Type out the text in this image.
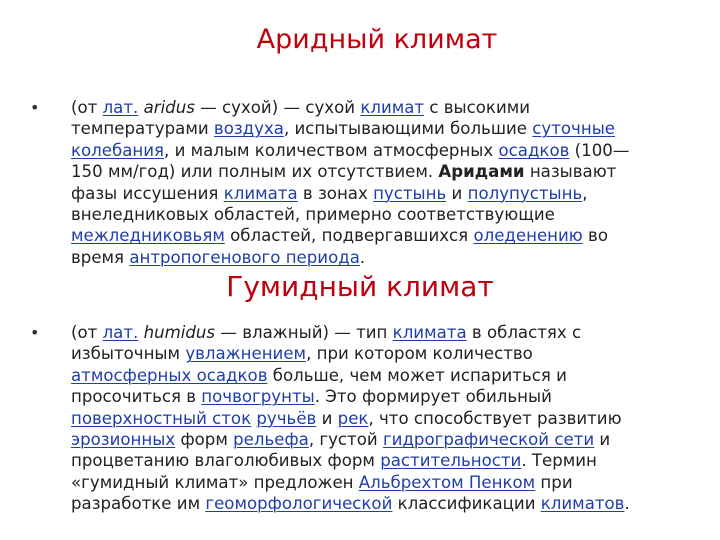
Аридный климат
• (от лат. aridus — сухой) — сухой климат с высокими
температурами воздуха, испытывающими большие суточные
колебания, и малым количеством атмосферных осадков (100—
150 мм/год) или полным их отсутствием. Аридами называют
фазы иссушения климата в зонах пустынь и полупустынь,
внеледниковых областей, примерно соответствующие
межледниковьям областей, подвергавшихся оледенению во
время антропогенового периода.
Гумидный климат
• (от лат. humidus — влажный) — тип климата в областях с
избыточным увлажнением, при котором количество
атмосферных осадков больше, чем может испариться и
просочиться в почвогрунты. Это формирует обильный
поверхностный сток ручьёв и рек, что способствует развитию
эрозионных форм рельефа, густой гидрографической сети и
процветанию влаголюбивых форм растительности. Термин
«гумидный климат» предложен Альбрехтом Пенком при
разработке им геоморфологической классификации климатов.
